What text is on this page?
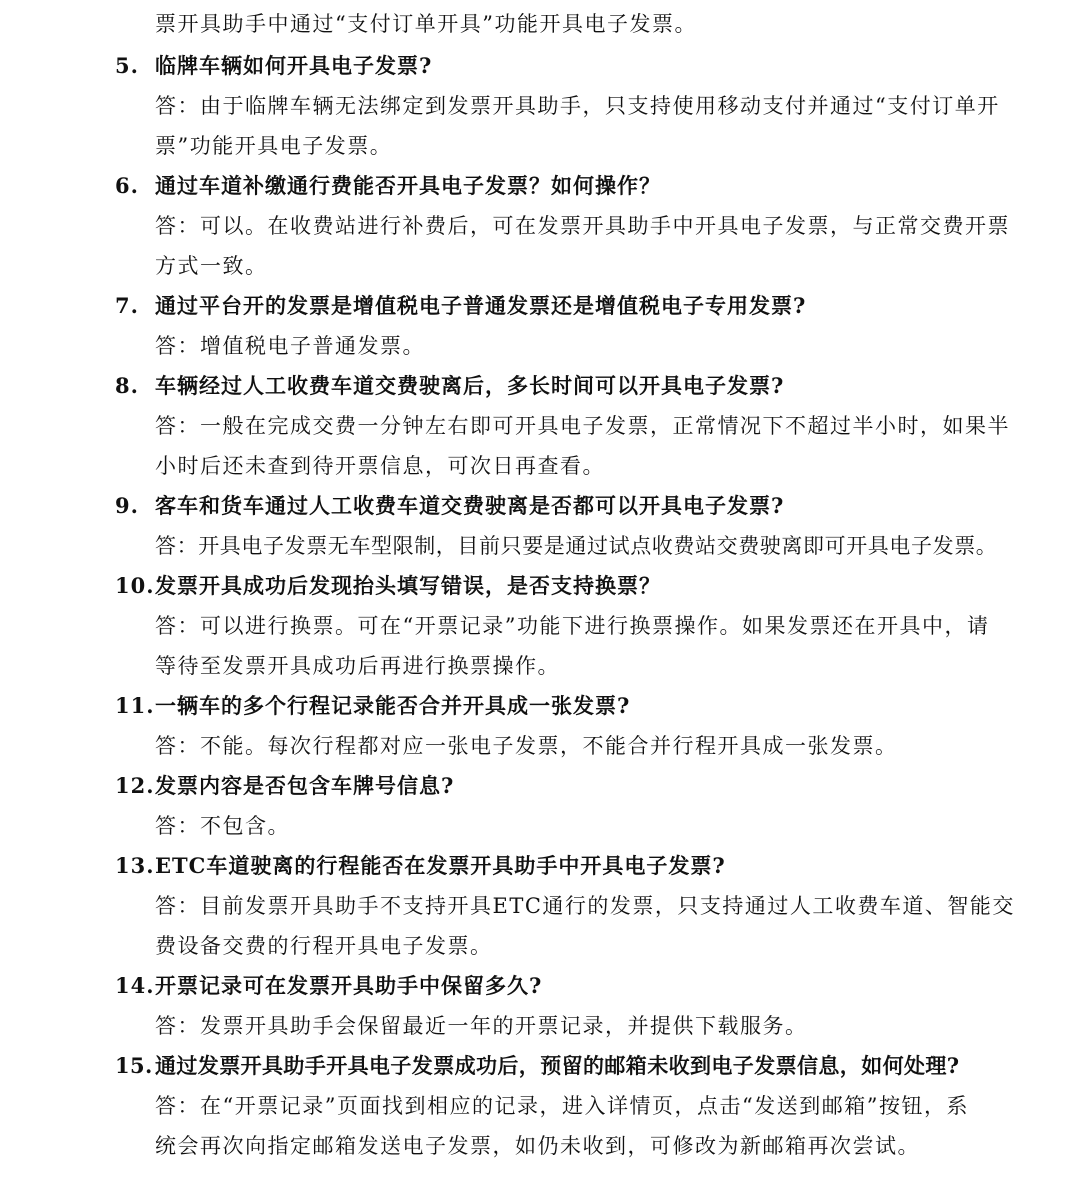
票开具助手中通过“支付订单开具”功能开具电子发票。
5. 临牌车辆如何开具电子发票?
答：由于临牌车辆无法绑定到发票开具助手，只支持使用移动支付并通过“支付订单开
票”功能开具电子发票。
6. 通过车道补缴通行费能否开具电子发票？如何操作？
答：可以。在收费站进行补费后，可在发票开具助手中开具电子发票，与正常交费开票
方式一致。
7. 通过平台开的发票是增值税电子普通发票还是增值税电子专用发票?
答：增值税电子普通发票。
8. 车辆经过人工收费车道交费驶离后，多长时间可以开具电子发票?
答：一般在完成交费一分钟左右即可开具电子发票，正常情况下不超过半小时，如果半
小时后还未查到待开票信息，可次日再查看。
9. 客车和货车通过人工收费车道交费驶离是否都可以开具电子发票?
答：开具电子发票无车型限制，目前只要是通过试点收费站交费驶离即可开具电子发票。
10.发票开具成功后发现抬头填写错误，是否支持换票？
答：可以进行换票。可在“开票记录”功能下进行换票操作。如果发票还在开具中，请
等待至发票开具成功后再进行换票操作。
11.一辆车的多个行程记录能否合并开具成一张发票?
答：不能。每次行程都对应一张电子发票，不能合并行程开具成一张发票。
12.发票内容是否包含车牌号信息?
答：不包含。
13.ETC车道驶离的行程能否在发票开具助手中开具电子发票?
答：目前发票开具助手不支持开具ETC通行的发票，只支持通过人工收费车道、智能交
费设备交费的行程开具电子发票。
14.开票记录可在发票开具助手中保留多久?
答：发票开具助手会保留最近一年的开票记录，并提供下载服务。
15. 通过发票开具助手开具电子发票成功后，预留的邮箱未收到电子发票信息，如何处理?
答：在“开票记录”页面找到相应的记录，进入详情页，点击“发送到邮箱”按钮，系
统会再次向指定邮箱发送电子发票，如仍未收到，可修改为新邮箱再次尝试。
